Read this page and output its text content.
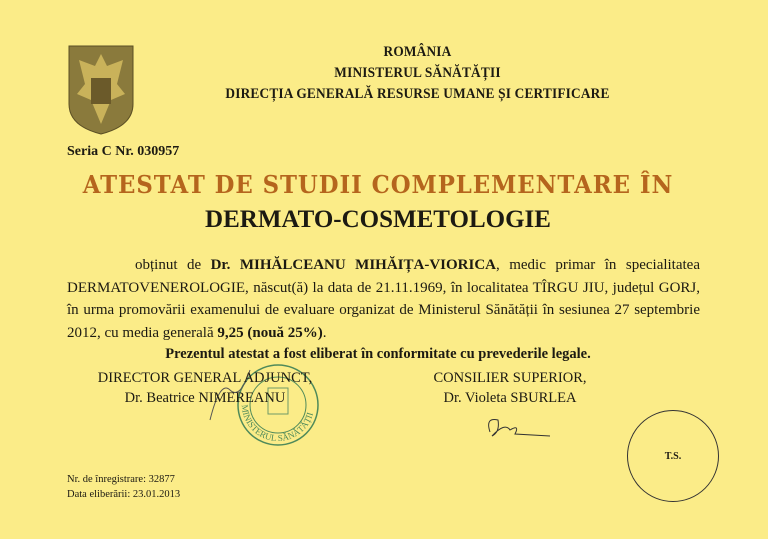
ROMÂNIA
MINISTERUL SĂNĂTĂȚII
DIRECȚIA GENERALĂ RESURSE UMANE ȘI CERTIFICARE
Seria C Nr. 030957
ATESTAT DE STUDII COMPLEMENTARE ÎN
DERMATO-COSMETOLOGIE
obținut de Dr. MIHĂLCEANU MIHĂIȚA-VIORICA, medic primar în specialitatea DERMATOVENEROLOGIE, născut(ă) la data de 21.11.1969, în localitatea TÎRGU JIU, județul GORJ, în urma promovării examenului de evaluare organizat de Ministerul Sănătății în sesiunea 27 septembrie 2012, cu media generală 9,25 (nouă 25%).
Prezentul atestat a fost eliberat în conformitate cu prevederile legale.
MINISTERUL SĂNĂTĂȚII
DIRECTOR GENERAL ADJUNCT,
Dr. Beatrice NIMEREANU
CONSILIER SUPERIOR,
Dr. Violeta SBURLEA
T.S.
Nr. de înregistrare: 32877
Data eliberării: 23.01.2013
